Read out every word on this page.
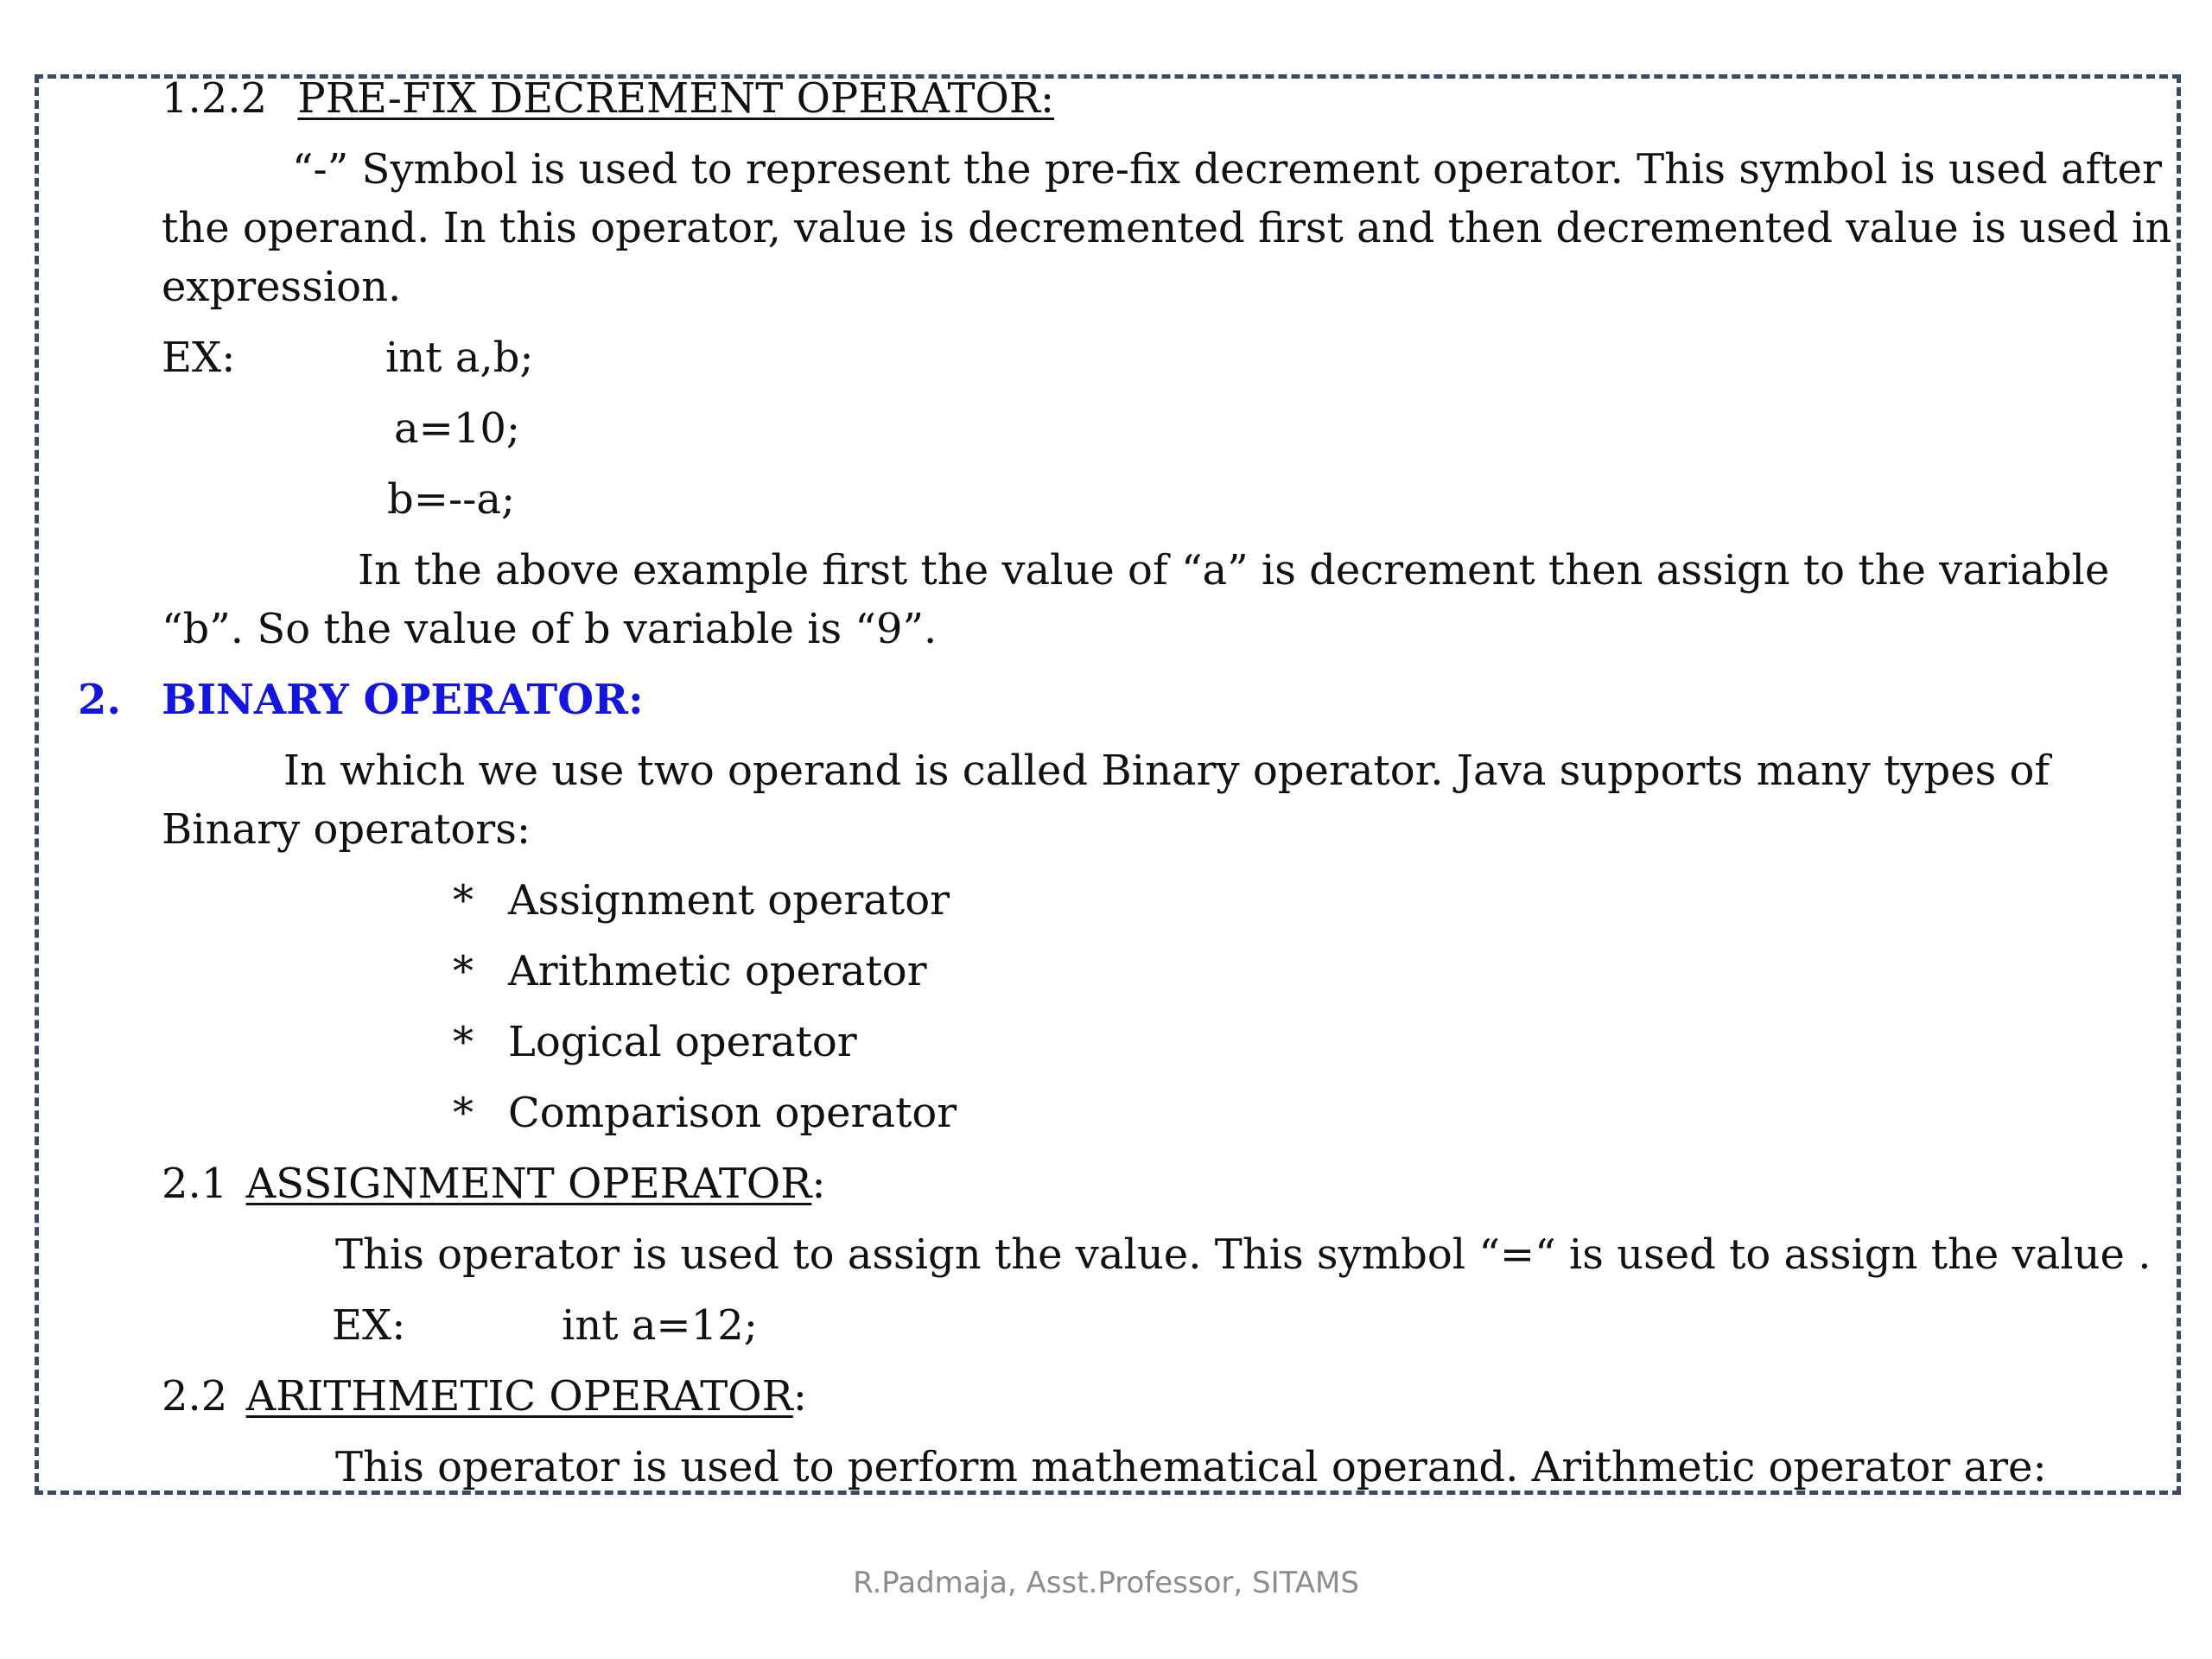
1.2.2 PRE-FIX DECREMENT OPERATOR:
“-” Symbol is used to represent the pre-fix decrement operator. This symbol is used after
the operand. In this operator, value is decremented first and then decremented value is used in
expression.
EX:	int a,b;
a=10;
b=--a;
In the above example first the value of “a” is decrement then assign to the variable
“b”. So the value of b variable is “9”.
2. BINARY OPERATOR:
In which we use two operand is called Binary operator. Java supports many types of
Binary operators:
* Assignment operator
* Arithmetic operator
* Logical operator
* Comparison operator
2.1 ASSIGNMENT OPERATOR:
This operator is used to assign the value. This symbol “=“ is used to assign the value .
EX:	int a=12;
2.2 ARITHMETIC OPERATOR:
This operator is used to perform mathematical operand. Arithmetic operator are:
R.Padmaja, Asst.Professor, SITAMS
